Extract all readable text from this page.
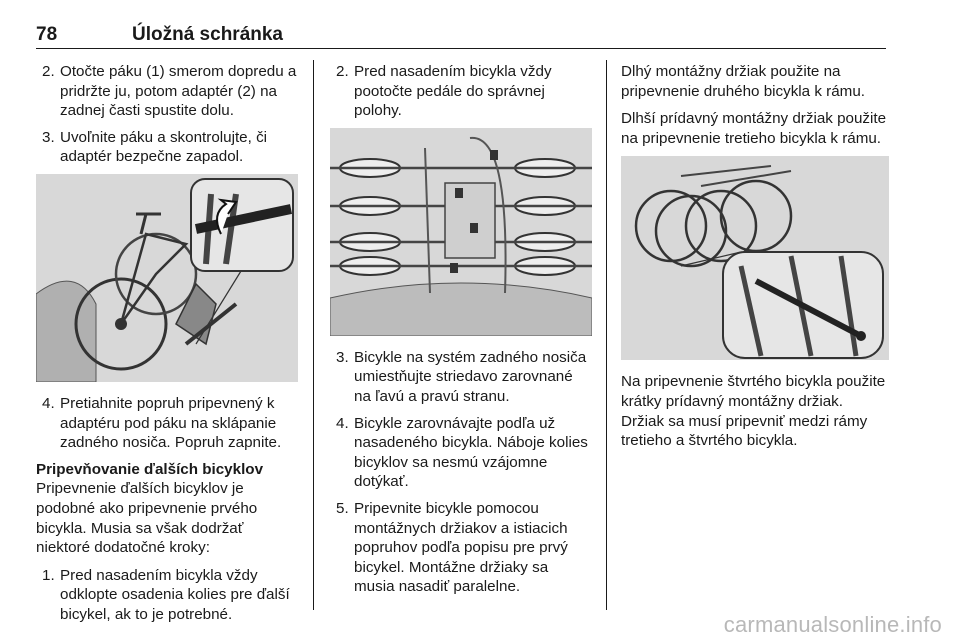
78	Úložná schránka
2. Otočte páku (1) smerom dopredu a pridržte ju, potom adaptér (2) na zadnej časti spustite dolu.
3. Uvoľnite páku a skontrolujte, či adaptér bezpečne zapadol.
4. Pretiahnite popruh pripevnený k adaptéru pod páku na sklápanie zadného nosiča. Popruh zapnite.

Pripevňovanie ďalších bicyklov

Pripevnenie ďalších bicyklov je podobné ako pripevnenie prvého bicykla. Musia sa však dodržať niektoré dodatočné kroky:

1. Pred nasadením bicykla vždy odklopte osadenia kolies pre ďalší bicykel, ak to je potrebné.
2. Pred nasadením bicykla vždy pootočte pedále do správnej polohy.
3. Bicykle na systém zadného nosiča umiestňujte striedavo zarovnané na ľavú a pravú stranu.
4. Bicykle zarovnávajte podľa už nasadeného bicykla. Náboje kolies bicyklov sa nesmú vzájomne dotýkať.
5. Pripevnite bicykle pomocou montážnych držiakov a istiacich popruhov podľa popisu pre prvý bicykel. Montážne držiaky sa musia nasadiť paralelne.

Dlhý montážny držiak použite na pripevnenie druhého bicykla k rámu.

Dlhší prídavný montážny držiak použite na pripevnenie tretieho bicykla k rámu.

Na pripevnenie štvrtého bicykla použite krátky prídavný montážny držiak. Držiak sa musí pripevniť medzi rámy tretieho a štvrtého bicykla.

carmanualsonline.info
